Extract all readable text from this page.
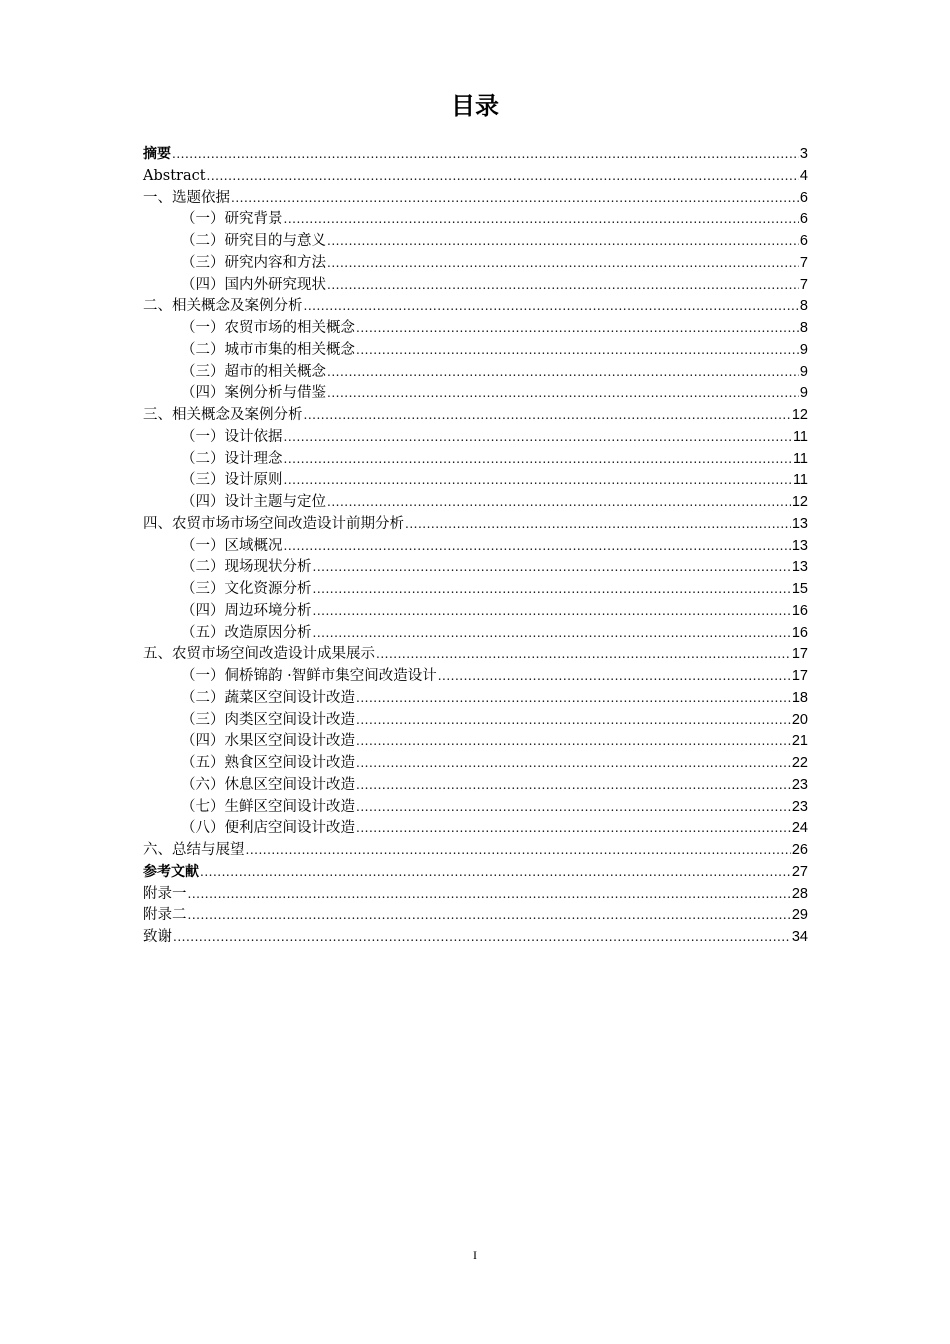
目录
摘要 .....	3
Abstract .....	4
一、选题依据 .....	6
（一）研究背景 .....	6
（二）研究目的与意义 .....	6
（三）研究内容和方法 .....	7
（四）国内外研究现状 .....	7
二、相关概念及案例分析 .....	8
（一）农贸市场的相关概念 .....	8
（二）城市市集的相关概念 .....	9
（三）超市的相关概念 .....	9
（四）案例分析与借鉴 .....	9
三、相关概念及案例分析 .....	12
（一）设计依据 .....	11
（二）设计理念 .....	11
（三）设计原则 .....	11
（四）设计主题与定位 .....	12
四、农贸市场市场空间改造设计前期分析 .....	13
（一）区域概况 .....	13
（二）现场现状分析 .....	13
（三）文化资源分析 .....	15
（四）周边环境分析 .....	16
（五）改造原因分析 .....	16
五、农贸市场空间改造设计成果展示 .....	17
（一）侗桥锦韵 ·智鲜市集空间改造设计 .....	17
（二）蔬菜区空间设计改造 .....	18
（三）肉类区空间设计改造 .....	20
（四）水果区空间设计改造 .....	21
（五）熟食区空间设计改造 .....	22
（六）休息区空间设计改造 .....	23
（七）生鲜区空间设计改造 .....	23
（八）便利店空间设计改造 .....	24
六、总结与展望 .....	26
参考文献 .....	27
附录一 .....	28
附录二 .....	29
致谢 .....	34
I
